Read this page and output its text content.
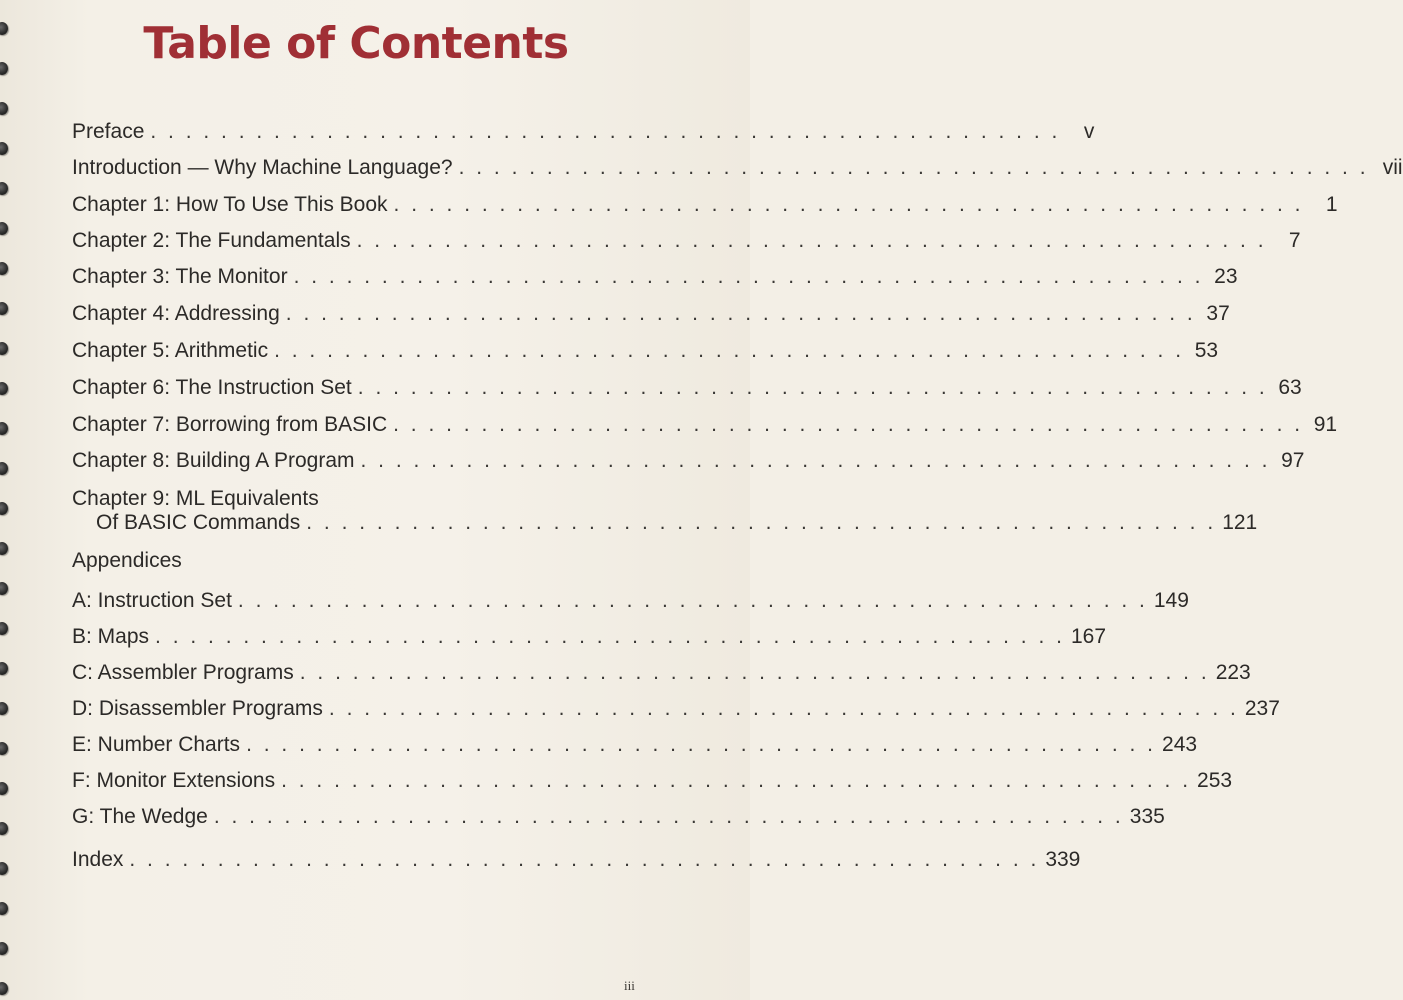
Table of Contents
Preface . . . . . . . . . . . . . . . . . . . . . . . . . . . . . . . . . . . . . . . . . . . . . . . . . . . .	v
Introduction — Why Machine Language? . . . . . . . . . . . . . . . . . . . . . . . . . . . . . . . . . . . . . . . . . . . . . . . . . . . . vii
Chapter 1: How To Use This Book . . . . . . . . . . . . . . . . . . . . . . . . . . . . . . . . . . . . . . . . . . . . . . . . . . . .	1
Chapter 2: The Fundamentals . . . . . . . . . . . . . . . . . . . . . . . . . . . . . . . . . . . . . . . . . . . . . . . . . . . .	7
Chapter 3: The Monitor . . . . . . . . . . . . . . . . . . . . . . . . . . . . . . . . . . . . . . . . . . . . . . . . . . . . 23
Chapter 4: Addressing . . . . . . . . . . . . . . . . . . . . . . . . . . . . . . . . . . . . . . . . . . . . . . . . . . . . 37
Chapter 5: Arithmetic . . . . . . . . . . . . . . . . . . . . . . . . . . . . . . . . . . . . . . . . . . . . . . . . . . . . 53
Chapter 6: The Instruction Set . . . . . . . . . . . . . . . . . . . . . . . . . . . . . . . . . . . . . . . . . . . . . . . . . . . . 63
Chapter 7: Borrowing from BASIC . . . . . . . . . . . . . . . . . . . . . . . . . . . . . . . . . . . . . . . . . . . . . . . . . . . . 91
Chapter 8: Building A Program . . . . . . . . . . . . . . . . . . . . . . . . . . . . . . . . . . . . . . . . . . . . . . . . . . . . 97
Chapter 9: ML Equivalents
Of BASIC Commands . . . . . . . . . . . . . . . . . . . . . . . . . . . . . . . . . . . . . . . . . . . . . . . . . . . . 121
Appendices
A: Instruction Set . . . . . . . . . . . . . . . . . . . . . . . . . . . . . . . . . . . . . . . . . . . . . . . . . . . . 149
B: Maps . . . . . . . . . . . . . . . . . . . . . . . . . . . . . . . . . . . . . . . . . . . . . . . . . . . . 167
C: Assembler Programs . . . . . . . . . . . . . . . . . . . . . . . . . . . . . . . . . . . . . . . . . . . . . . . . . . . . 223
D: Disassembler Programs . . . . . . . . . . . . . . . . . . . . . . . . . . . . . . . . . . . . . . . . . . . . . . . . . . . . 237
E: Number Charts . . . . . . . . . . . . . . . . . . . . . . . . . . . . . . . . . . . . . . . . . . . . . . . . . . . . 243
F: Monitor Extensions . . . . . . . . . . . . . . . . . . . . . . . . . . . . . . . . . . . . . . . . . . . . . . . . . . . . 253
G: The Wedge . . . . . . . . . . . . . . . . . . . . . . . . . . . . . . . . . . . . . . . . . . . . . . . . . . . . 335
Index . . . . . . . . . . . . . . . . . . . . . . . . . . . . . . . . . . . . . . . . . . . . . . . . . . . . 339
iii
